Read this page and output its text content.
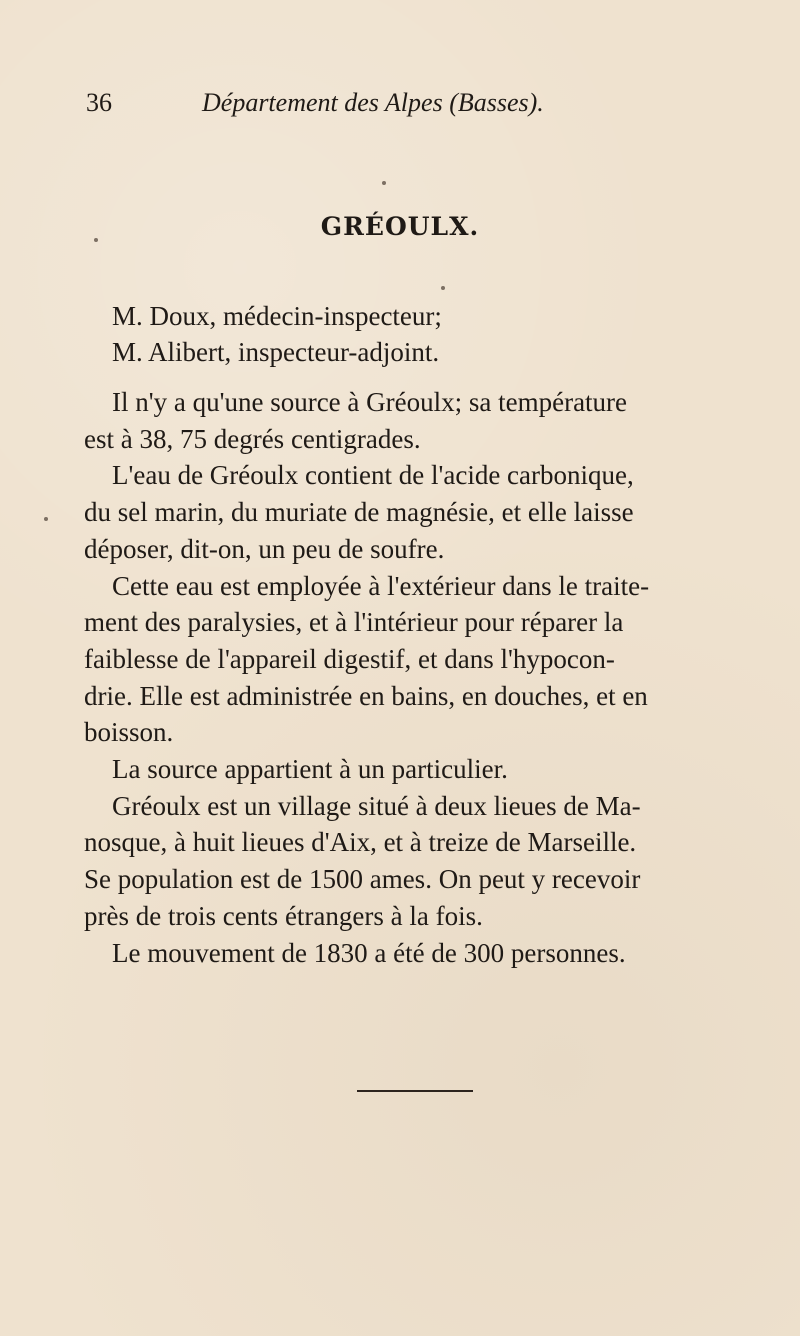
36	Département des Alpes (Basses).
GRÉOULX.
M. Doux, médecin-inspecteur;
M. Alibert, inspecteur-adjoint.

Il n'y a qu'une source à Gréoulx; sa température
est à 38, 75 degrés centigrades.

L'eau de Gréoulx contient de l'acide carbonique,
du sel marin, du muriate de magnésie, et elle laisse
déposer, dit-on, un peu de soufre.

Cette eau est employée à l'extérieur dans le traite-
ment des paralysies, et à l'intérieur pour réparer la
faiblesse de l'appareil digestif, et dans l'hypocon-
drie. Elle est administrée en bains, en douches, et en
boisson.

La source appartient à un particulier.

Gréoulx est un village situé à deux lieues de Ma-
nosque, à huit lieues d'Aix, et à treize de Marseille.
Se population est de 1500 ames. On peut y recevoir
près de trois cents étrangers à la fois.

Le mouvement de 1830 a été de 300 personnes.
